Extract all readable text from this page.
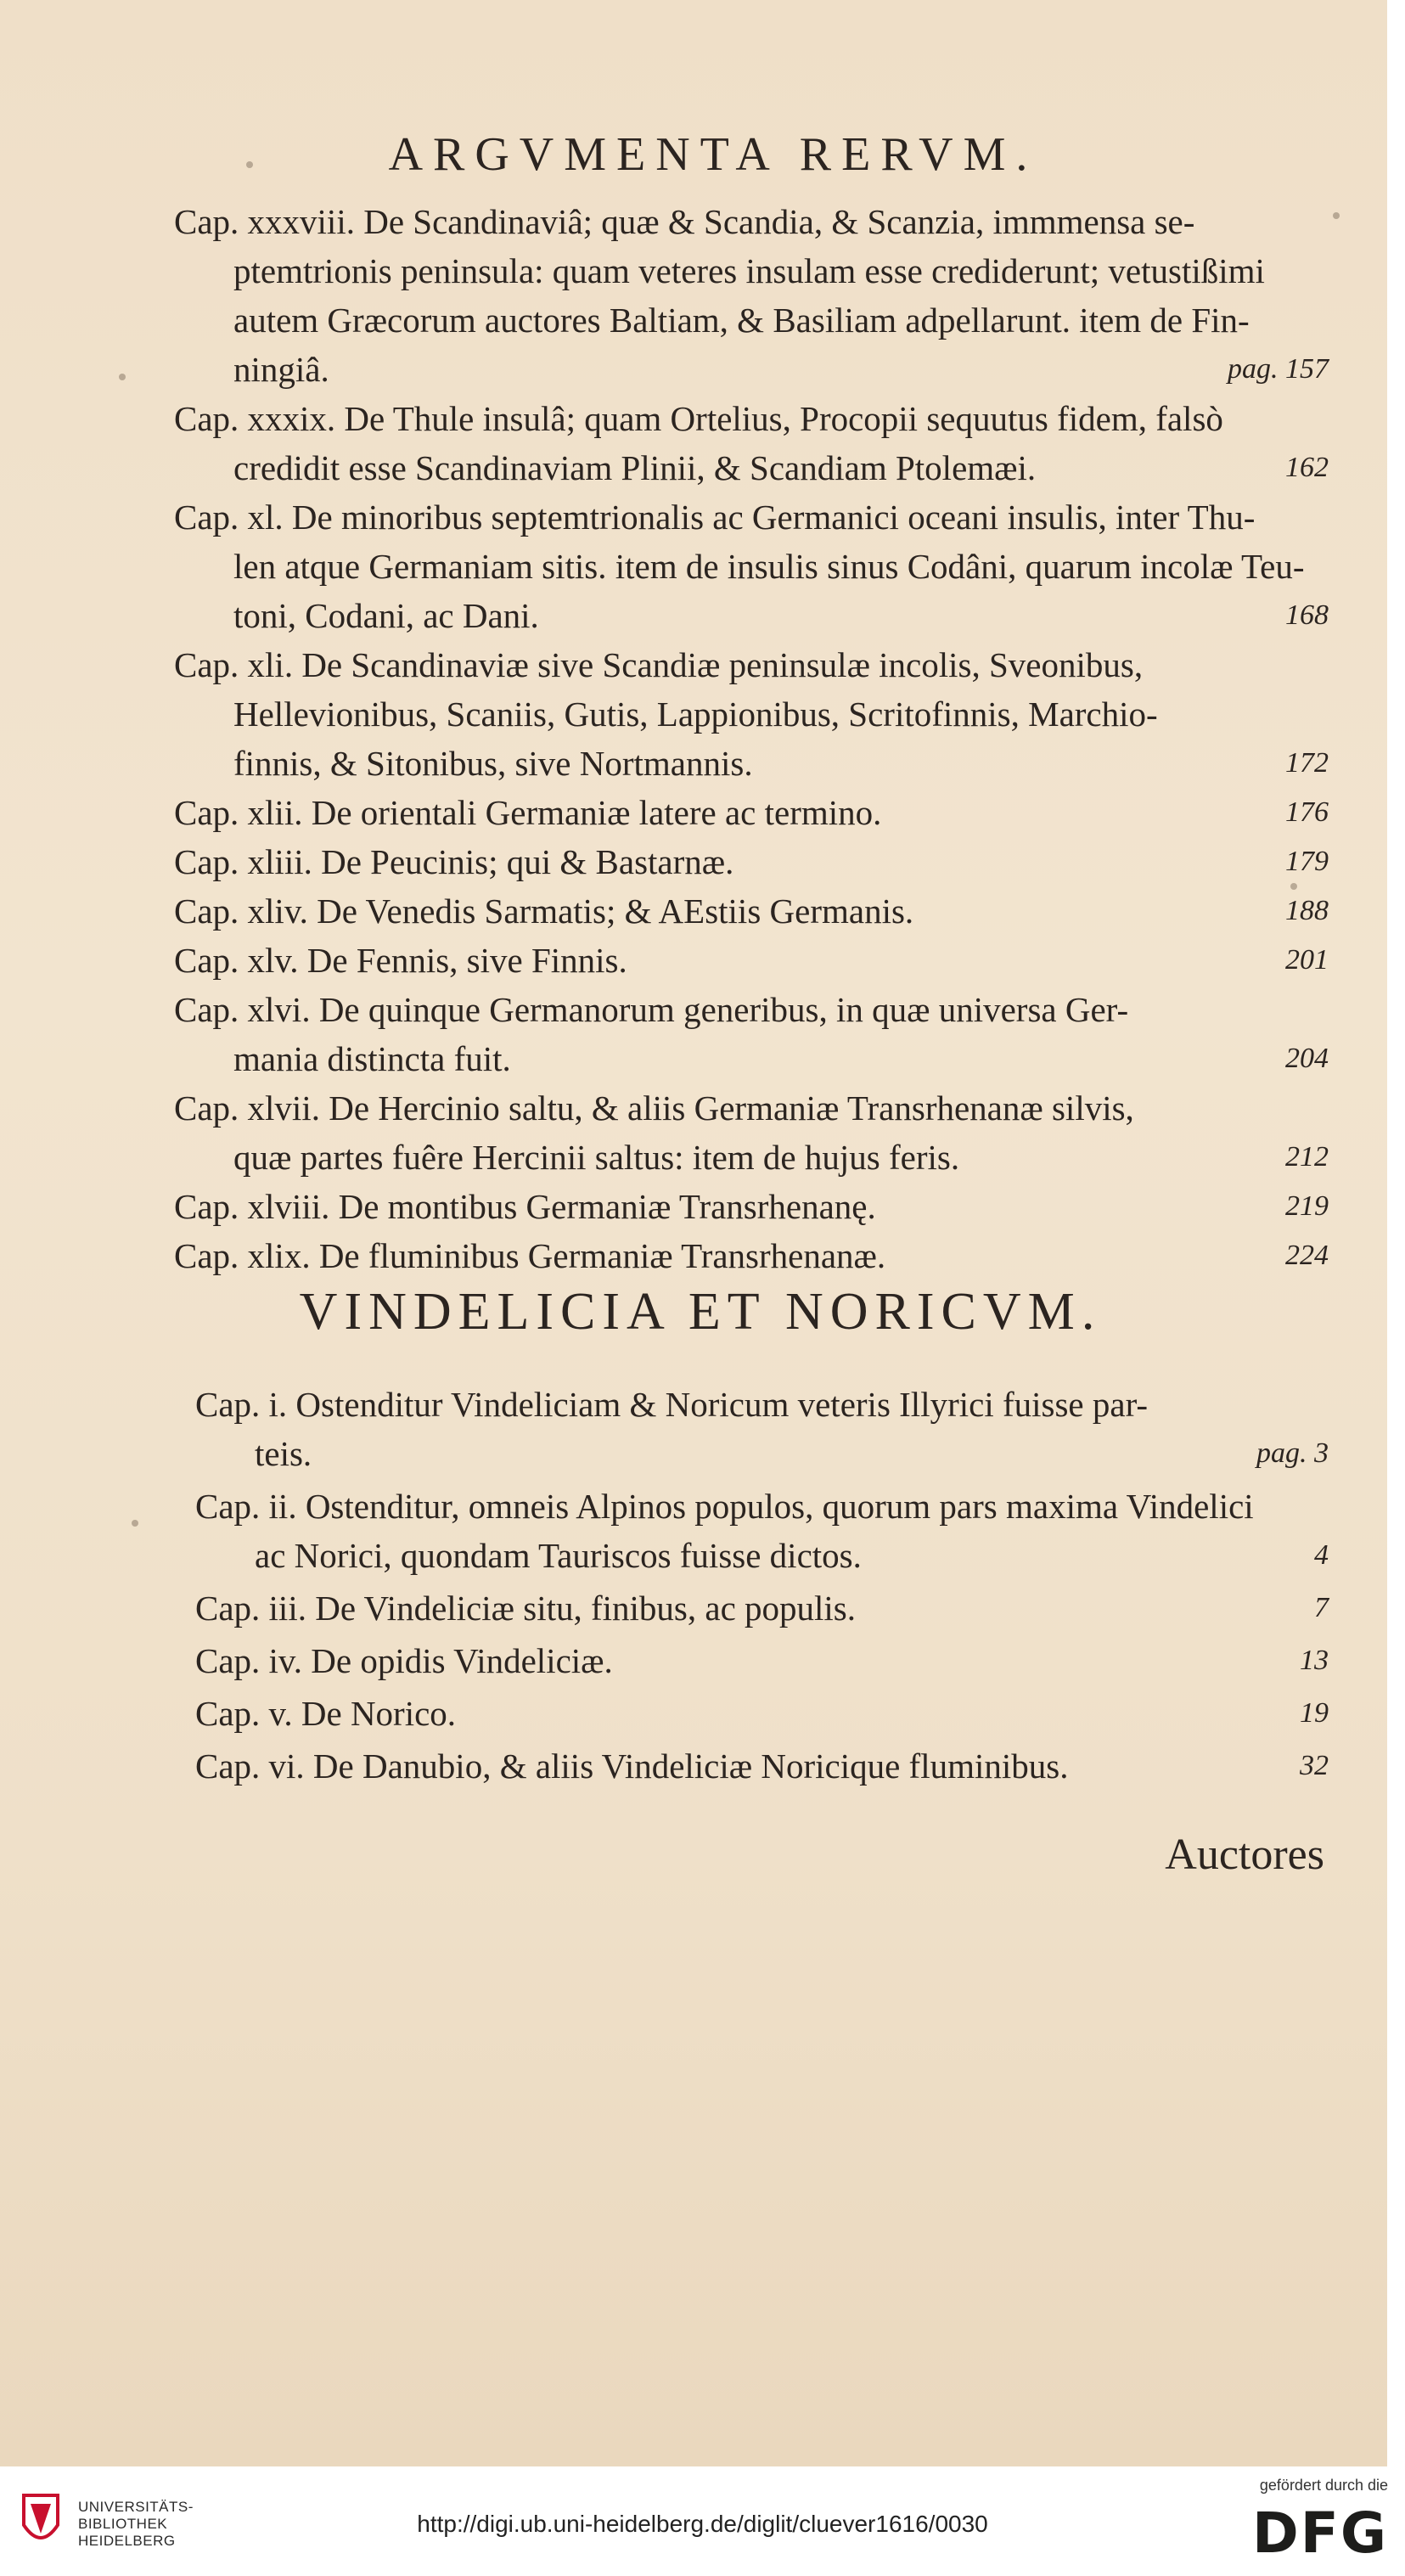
ARGVMENTA RERVM.
Cap. xxxviii. De Scandinaviâ; quæ & Scandia, & Scanzia, immmensa se-
ptemtrionis peninsula: quam veteres insulam esse crediderunt; vetustißimi
autem Græcorum auctores Baltiam, & Basiliam adpellarunt. item de Fin-
ningiâ.	pag. 157
Cap. xxxix. De Thule insulâ; quam Ortelius, Procopii sequutus fidem, falsò
credidit esse Scandinaviam Plinii, & Scandiam Ptolemæi.	162
Cap. xl. De minoribus septemtrionalis ac Germanici oceani insulis, inter Thu-
len atque Germaniam sitis. item de insulis sinus Codâni, quarum incolæ Teu-
toni, Codani, ac Dani.	168
Cap. xli. De Scandinaviæ sive Scandiæ peninsulæ incolis, Sveonibus,
Hellevionibus, Scaniis, Gutis, Lappionibus, Scritofinnis, Marchio-
finnis, & Sitonibus, sive Nortmannis.	172
Cap. xlii. De orientali Germaniæ latere ac termino.	176
Cap. xliii. De Peucinis; qui & Bastarnæ.	179
Cap. xliv. De Venedis Sarmatis; & AEstiis Germanis.	188
Cap. xlv. De Fennis, sive Finnis.	201
Cap. xlvi. De quinque Germanorum generibus, in quæ universa Ger-
mania distincta fuit.	204
Cap. xlvii. De Hercinio saltu, & aliis Germaniæ Transrhenanæ silvis,
quæ partes fuêre Hercinii saltus: item de hujus feris.	212
Cap. xlviii. De montibus Germaniæ Transrhenanę.	219
Cap. xlix. De fluminibus Germaniæ Transrhenanæ.	224
VINDELICIA ET NORICVM.
Cap. i. Ostenditur Vindeliciam & Noricum veteris Illyrici fuisse par-
teis.	pag. 3
Cap. ii. Ostenditur, omneis Alpinos populos, quorum pars maxima Vindelici
ac Norici, quondam Tauriscos fuisse dictos.	4
Cap. iii. De Vindeliciæ situ, finibus, ac populis.	7
Cap. iv. De opidis Vindeliciæ.	13
Cap. v. De Norico.	19
Cap. vi. De Danubio, & aliis Vindeliciæ Noricique fluminibus.	32
Auctores
UNIVERSITÄTS-
BIBLIOTHEK
HEIDELBERG
http://digi.ub.uni-heidelberg.de/diglit/cluever1616/0030
gefördert durch die
DFG
